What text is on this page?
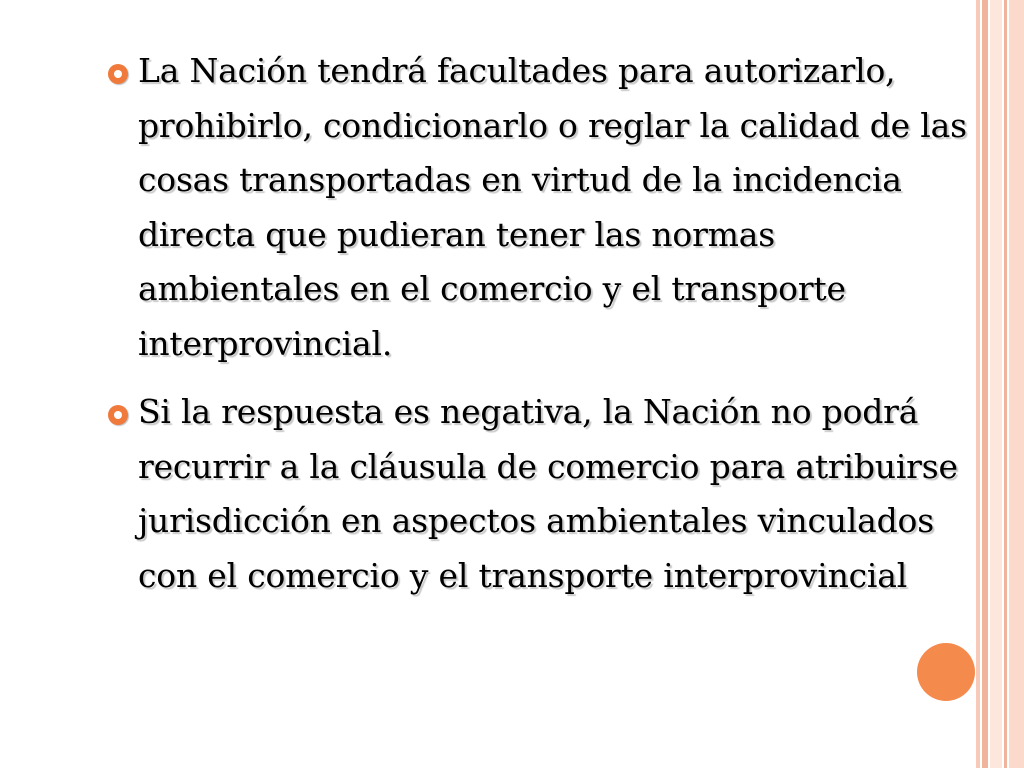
La Nación tendrá facultades para autorizarlo, prohibirlo, condicionarlo o reglar la calidad de las cosas transportadas en virtud de la incidencia directa que pudieran tener las normas ambientales en el comercio y el transporte interprovincial.
Si la respuesta es negativa, la Nación no podrá recurrir a la cláusula de comercio para atribuirse jurisdicción en aspectos ambientales vinculados con el comercio y el transporte interprovincial
